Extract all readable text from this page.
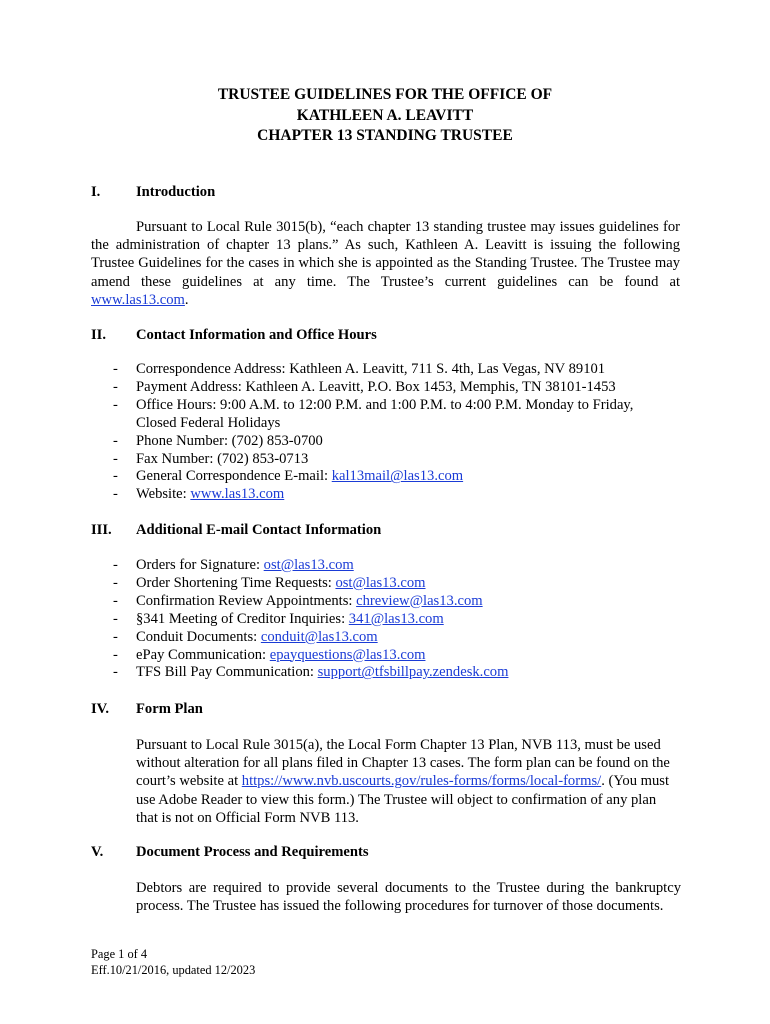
TRUSTEE GUIDELINES FOR THE OFFICE OF
KATHLEEN A. LEAVITT
CHAPTER 13 STANDING TRUSTEE
I. Introduction
Pursuant to Local Rule 3015(b), “each chapter 13 standing trustee may issues guidelines for the administration of chapter 13 plans.” As such, Kathleen A. Leavitt is issuing the following Trustee Guidelines for the cases in which she is appointed as the Standing Trustee. The Trustee may amend these guidelines at any time. The Trustee’s current guidelines can be found at www.las13.com.
II. Contact Information and Office Hours
- Correspondence Address: Kathleen A. Leavitt, 711 S. 4th, Las Vegas, NV 89101
- Payment Address: Kathleen A. Leavitt, P.O. Box 1453, Memphis, TN 38101-1453
- Office Hours: 9:00 A.M. to 12:00 P.M. and 1:00 P.M. to 4:00 P.M. Monday to Friday,
Closed Federal Holidays
- Phone Number: (702) 853-0700
- Fax Number: (702) 853-0713
- General Correspondence E-mail: kal13mail@las13.com
- Website: www.las13.com
III. Additional E-mail Contact Information
- Orders for Signature: ost@las13.com
- Order Shortening Time Requests: ost@las13.com
- Confirmation Review Appointments: chreview@las13.com
- §341 Meeting of Creditor Inquiries: 341@las13.com
- Conduit Documents: conduit@las13.com
- ePay Communication: epayquestions@las13.com
- TFS Bill Pay Communication: support@tfsbillpay.zendesk.com
IV. Form Plan
Pursuant to Local Rule 3015(a), the Local Form Chapter 13 Plan, NVB 113, must be used without alteration for all plans filed in Chapter 13 cases. The form plan can be found on the court’s website at https://www.nvb.uscourts.gov/rules-forms/forms/local-forms/. (You must use Adobe Reader to view this form.) The Trustee will object to confirmation of any plan that is not on Official Form NVB 113.
V. Document Process and Requirements
Debtors are required to provide several documents to the Trustee during the bankruptcy process. The Trustee has issued the following procedures for turnover of those documents.
Page 1 of 4
Eff.10/21/2016, updated 12/2023
